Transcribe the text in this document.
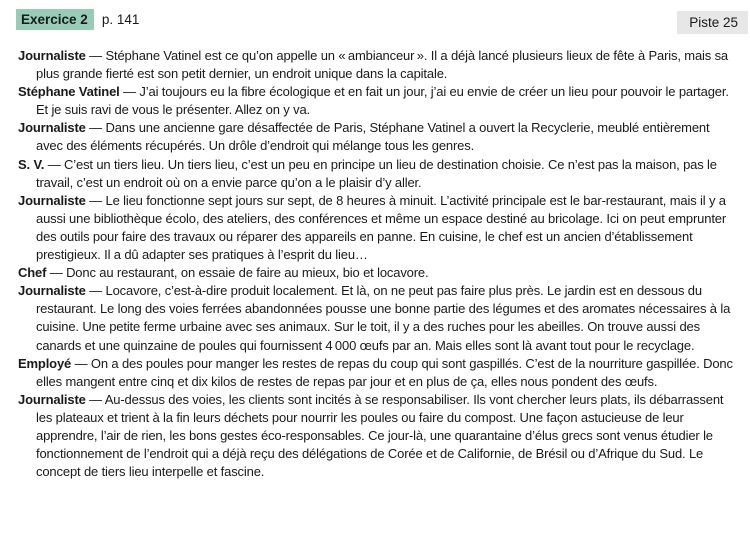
Exercice 2	p. 141	Piste 25

Journaliste — Stéphane Vatinel est ce qu’on appelle un « ambianceur ». Il a déjà lancé plusieurs lieux de fête à Paris, mais sa plus grande fierté est son petit dernier, un endroit unique dans la capitale.

Stéphane Vatinel — J’ai toujours eu la fibre écologique et en fait un jour, j’ai eu envie de créer un lieu pour pouvoir le partager. Et je suis ravi de vous le présenter. Allez on y va.

Journaliste — Dans une ancienne gare désaffectée de Paris, Stéphane Vatinel a ouvert la Recyclerie, meublé entièrement avec des éléments récupérés. Un drôle d’endroit qui mélange tous les genres.

S. V. — C’est un tiers lieu. Un tiers lieu, c’est un peu en principe un lieu de destination choisie. Ce n’est pas la maison, pas le travail, c’est un endroit où on a envie parce qu’on a le plaisir d’y aller.

Journaliste — Le lieu fonctionne sept jours sur sept, de 8 heures à minuit. L’activité principale est le bar-restaurant, mais il y a aussi une bibliothèque écolo, des ateliers, des conférences et même un espace destiné au bricolage. Ici on peut emprunter des outils pour faire des travaux ou réparer des appareils en panne. En cuisine, le chef est un ancien d’établissement prestigieux. Il a dû adapter ses pratiques à l’esprit du lieu…

Chef — Donc au restaurant, on essaie de faire au mieux, bio et locavore.

Journaliste — Locavore, c’est-à-dire produit localement. Et là, on ne peut pas faire plus près. Le jardin est en dessous du restaurant. Le long des voies ferrées abandonnées pousse une bonne partie des légumes et des aromates nécessaires à la cuisine. Une petite ferme urbaine avec ses animaux. Sur le toit, il y a des ruches pour les abeilles. On trouve aussi des canards et une quinzaine de poules qui fournissent 4 000 œufs par an. Mais elles sont là avant tout pour le recyclage.

Employé — On a des poules pour manger les restes de repas du coup qui sont gaspillés. C’est de la nourriture gaspillée. Donc elles mangent entre cinq et dix kilos de restes de repas par jour et en plus de ça, elles nous pondent des œufs.

Journaliste — Au-dessus des voies, les clients sont incités à se responsabiliser. Ils vont chercher leurs plats, ils débarrassent les plateaux et trient à la fin leurs déchets pour nourrir les poules ou faire du compost. Une façon astucieuse de leur apprendre, l’air de rien, les bons gestes éco-responsables. Ce jour-là, une quarantaine d’élus grecs sont venus étudier le fonctionnement de l’endroit qui a déjà reçu des délégations de Corée et de Californie, de Brésil ou d’Afrique du Sud. Le concept de tiers lieu interpelle et fascine.
